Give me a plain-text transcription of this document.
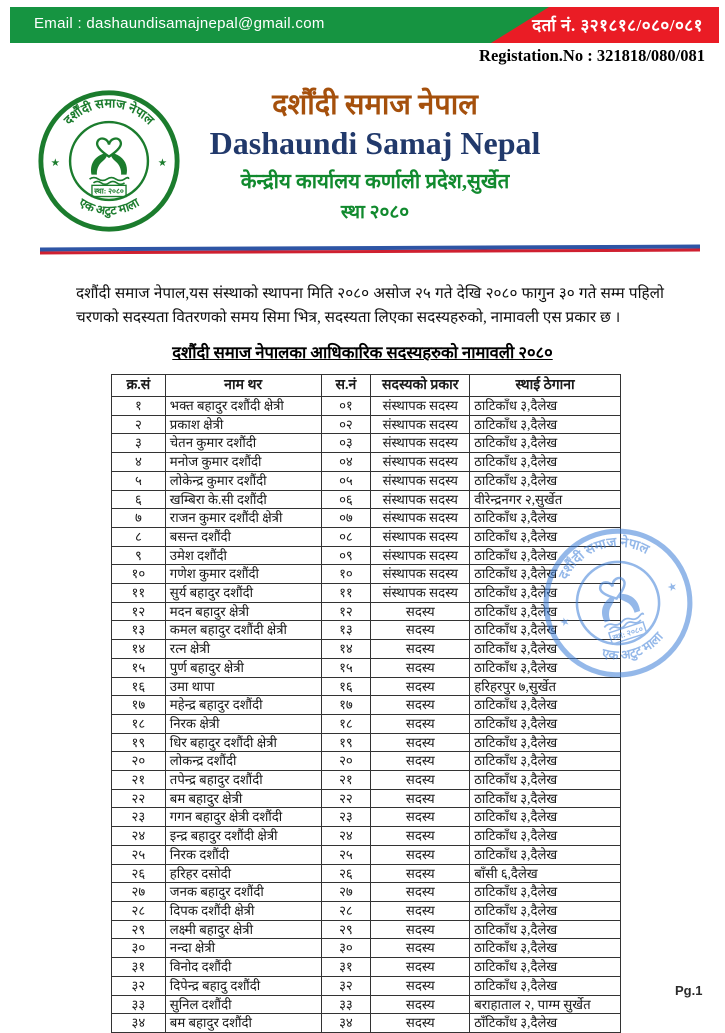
Email : dashaundisamajnepal@gmail.com	दर्ता नं. ३२१८१८/०८०/०८१
Registation.No : 321818/080/081
दर्शौंदी समाज नेपाल
एक अटुट माला
★	★
स्था: २०८०
दर्शौंदी समाज नेपाल
Dashaundi Samaj Nepal
केन्द्रीय कार्यालय कर्णाली प्रदेश,सुर्खेत
स्था २०८०
दशौंदी समाज नेपाल,यस संस्थाको स्थापना मिति २०८० असोज २५ गते देखि २०८० फागुन ३० गते सम्म पहिलो चरणको सदस्यता वितरणको समय सिमा भित्र, सदस्यता लिएका सदस्यहरुको, नामावली एस प्रकार छ ।
दशौंदी समाज नेपालका आधिकारिक सदस्यहरुको नामावली २०८०
क्र.सं	नाम थर	स.नं	सदस्यको प्रकार	स्थाई ठेगाना
१	भक्त बहादुर दशौंदी क्षेत्री	०१	संस्थापक सदस्य	ठाटिकाँध ३,दैलेख
२	प्रकाश क्षेत्री	०२	संस्थापक सदस्य	ठाटिकाँध ३,दैलेख
३	चेतन कुमार दशौंदी	०३	संस्थापक सदस्य	ठाटिकाँध ३,दैलेख
४	मनोज कुमार दशौंदी	०४	संस्थापक सदस्य	ठाटिकाँध ३,दैलेख
५	लोकेन्द्र कुमार दशौंदी	०५	संस्थापक सदस्य	ठाटिकाँध ३,दैलेख
६	खम्बिरा के.सी दशौंदी	०६	संस्थापक सदस्य	वीरेन्द्रनगर २,सुर्खेत
७	राजन कुमार दशौंदी क्षेत्री	०७	संस्थापक सदस्य	ठाटिकाँध ३,दैलेख
८	बसन्त दशौंदी	०८	संस्थापक सदस्य	ठाटिकाँध ३,दैलेख
९	उमेश दशौंदी	०९	संस्थापक सदस्य	ठाटिकाँध ३,दैलेख
१०	गणेश कुमार दशौंदी	१०	संस्थापक सदस्य	ठाटिकाँध ३,दैलेख
११	सुर्य बहादुर दशौंदी	११	संस्थापक सदस्य	ठाटिकाँध ३,दैलेख
१२	मदन बहादुर क्षेत्री	१२	सदस्य	ठाटिकाँध ३,दैलेख
१३	कमल बहादुर दशौंदी क्षेत्री	१३	सदस्य	ठाटिकाँध ३,दैलेख
१४	रत्न क्षेत्री	१४	सदस्य	ठाटिकाँध ३,दैलेख
१५	पुर्ण बहादुर क्षेत्री	१५	सदस्य	ठाटिकाँध ३,दैलेख
१६	उमा थापा	१६	सदस्य	हरिहरपुर ७,सुर्खेत
१७	महेन्द्र बहादुर दशौंदी	१७	सदस्य	ठाटिकाँध ३,दैलेख
१८	निरक क्षेत्री	१८	सदस्य	ठाटिकाँध ३,दैलेख
१९	धिर बहादुर दशौंदी क्षेत्री	१९	सदस्य	ठाटिकाँध ३,दैलेख
२०	लोकन्द्र दशौंदी	२०	सदस्य	ठाटिकाँध ३,दैलेख
२१	तपेन्द्र बहादुर दशौंदी	२१	सदस्य	ठाटिकाँध ३,दैलेख
२२	बम बहादुर क्षेत्री	२२	सदस्य	ठाटिकाँध ३,दैलेख
२३	गगन बहादुर क्षेत्री दशौंदी	२३	सदस्य	ठाटिकाँध ३,दैलेख
२४	इन्द्र बहादुर दशौंदी क्षेत्री	२४	सदस्य	ठाटिकाँध ३,दैलेख
२५	निरक दशौंदी	२५	सदस्य	ठाटिकाँध ३,दैलेख
२६	हरिहर दसोदी	२६	सदस्य	बाँसी ६,दैलेख
२७	जनक बहादुर दशौंदी	२७	सदस्य	ठाटिकाँध ३,दैलेख
२८	दिपक दशौंदी क्षेत्री	२८	सदस्य	ठाटिकाँध ३,दैलेख
२९	लक्ष्मी बहादुर क्षेत्री	२९	सदस्य	ठाटिकाँध ३,दैलेख
३०	नन्दा क्षेत्री	३०	सदस्य	ठाटिकाँध ३,दैलेख
३१	विनोद दशौंदी	३१	सदस्य	ठाटिकाँध ३,दैलेख
३२	दिपेन्द्र बहादु दशौंदी	३२	सदस्य	ठाटिकाँध ३,दैलेख
३३	सुनिल दशौंदी	३३	सदस्य	बराहाताल २, पाग्म सुर्खेत
३४	बम बहादुर दशौंदी	३४	सदस्य	ठाँटिकाँध ३,दैलेख
दर्शौंदी समाज नेपाल
एक अटुट माला
★
★
स्था: २०८०
Pg.1
